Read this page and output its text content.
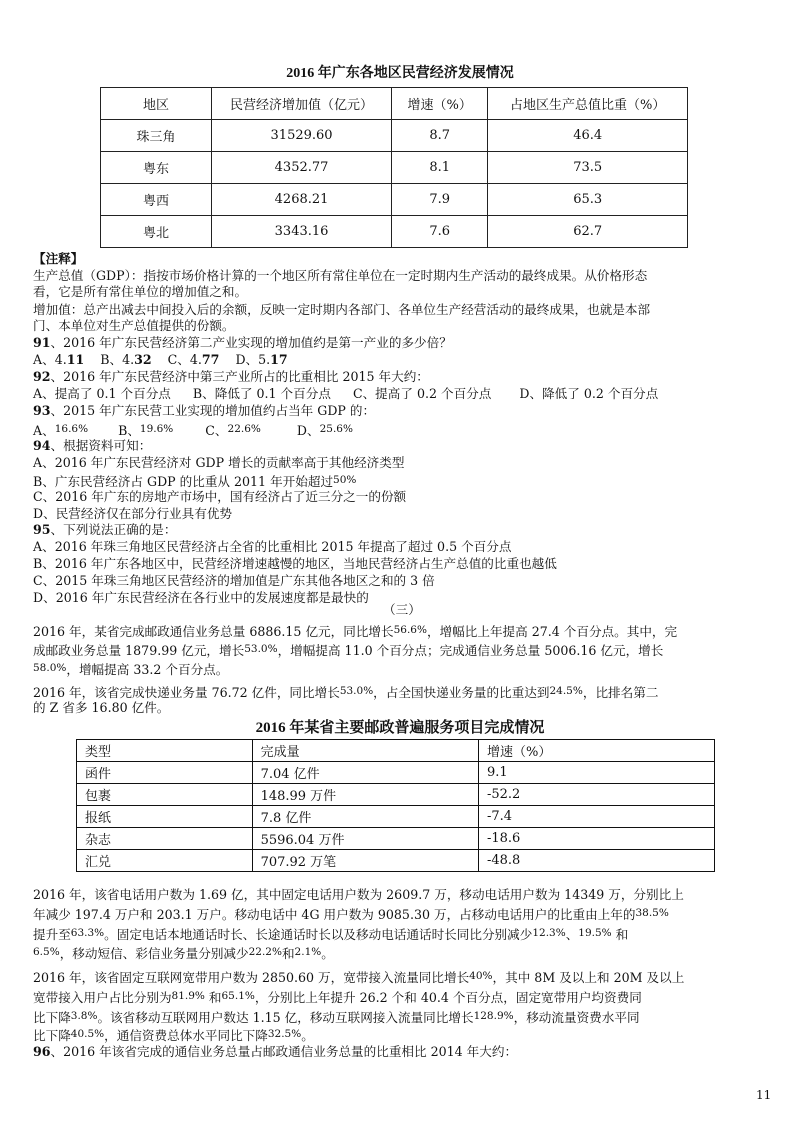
2016 年广东各地区民营经济发展情况
地区	民营经济增加值（亿元）	增速（%）	占地区生产总值比重（%）
珠三角	31529.60	8.7	46.4
粤东	4352.77	8.1	73.5
粤西	4268.21	7.9	65.3
粤北	3343.16	7.6	62.7
【注释】
生产总值（GDP）：指按市场价格计算的一个地区所有常住单位在一定时期内生产活动的最终成果。从价格形态
看，它是所有常住单位的增加值之和。
增加值：总产出减去中间投入后的余额，反映一定时期内各部门、各单位生产经营活动的最终成果，也就是本部
门、本单位对生产总值提供的份额。
91、2016 年广东民营经济第二产业实现的增加值约是第一产业的多少倍？
A、4.11 B、4.32 C、4.77 D、5.17
92、2016 年广东民营经济中第三产业所占的比重相比 2015 年大约：
A、提高了 0.1 个百分点 B、降低了 0.1 个百分点 C、提高了 0.2 个百分点 D、降低了 0.2 个百分点
93、2015 年广东民营工业实现的增加值约占当年 GDP 的：
A、$^{16.6\%}$ B、$^{19.6\%}$	C、$^{22.6\%}$	D、$^{25.6\%}$
94、根据资料可知：
A、2016 年广东民营经济对 GDP 增长的贡献率高于其他经济类型
B、广东民营经济占 GDP 的比重从 2011 年开始超过$^{50\%}$
C、2016 年广东的房地产市场中，国有经济占了近三分之一的份额
D、民营经济仅在部分行业具有优势
95、下列说法正确的是：
A、2016 年珠三角地区民营经济占全省的比重相比 2015 年提高了超过 0.5 个百分点
B、2016 年广东各地区中，民营经济增速越慢的地区，当地民营经济占生产总值的比重也越低
C、2015 年珠三角地区民营经济的增加值是广东其他各地区之和的 3 倍
D、2016 年广东民营经济在各行业中的发展速度都是最快的
（三）
2016 年，某省完成邮政通信业务总量 6886.15 亿元，同比增长$^{56.6\%}$，增幅比上年提高 27.4 个百分点。其中，完
成邮政业务总量 1879.99 亿元，增长$^{53.0\%}$，增幅提高 11.0 个百分点；完成通信业务总量 5006.16 亿元，增长
$^{58.0\%}$，增幅提高 33.2 个百分点。
2016 年，该省完成快递业务量 76.72 亿件，同比增长$^{53.0\%}$，占全国快递业务量的比重达到$^{24.5\%}$，比排名第二
的 Z 省多 16.80 亿件。
2016 年某省主要邮政普遍服务项目完成情况
类型	完成量	增速（%）
函件	7.04 亿件	9.1
包裹	148.99 万件	-52.2
报纸	7.8 亿件	-7.4
杂志	5596.04 万件	-18.6
汇兑	707.92 万笔	-48.8
2016 年，该省电话用户数为 1.69 亿，其中固定电话用户数为 2609.7 万，移动电话用户数为 14349 万，分别比上
年减少 197.4 万户和 203.1 万户。移动电话中 4G 用户数为 9085.30 万，占移动电话用户的比重由上年的$^{38.5\%}$
提升至$^{63.3\%}$。固定电话本地通话时长、长途通话时长以及移动电话通话时长同比分别减少$^{12.3\%}$、$^{19.5\%}$ 和
$^{6.5\%}$，移动短信、彩信业务量分别减少$^{22.2\%}$和$^{2.1\%}$。
2016 年，该省固定互联网宽带用户数为 2850.60 万，宽带接入流量同比增长$^{40\%}$，其中 8M 及以上和 20M 及以上
宽带接入用户占比分别为$^{81.9\%}$ 和$^{65.1\%}$，分别比上年提升 26.2 个和 40.4 个百分点，固定宽带用户均资费同
比下降$^{3.8\%}$。该省移动互联网用户数达 1.15 亿，移动互联网接入流量同比增长$^{128.9\%}$，移动流量资费水平同
比下降$^{40.5\%}$，通信资费总体水平同比下降$^{32.5\%}$。
96、2016 年该省完成的通信业务总量占邮政通信业务总量的比重相比 2014 年大约：
11
